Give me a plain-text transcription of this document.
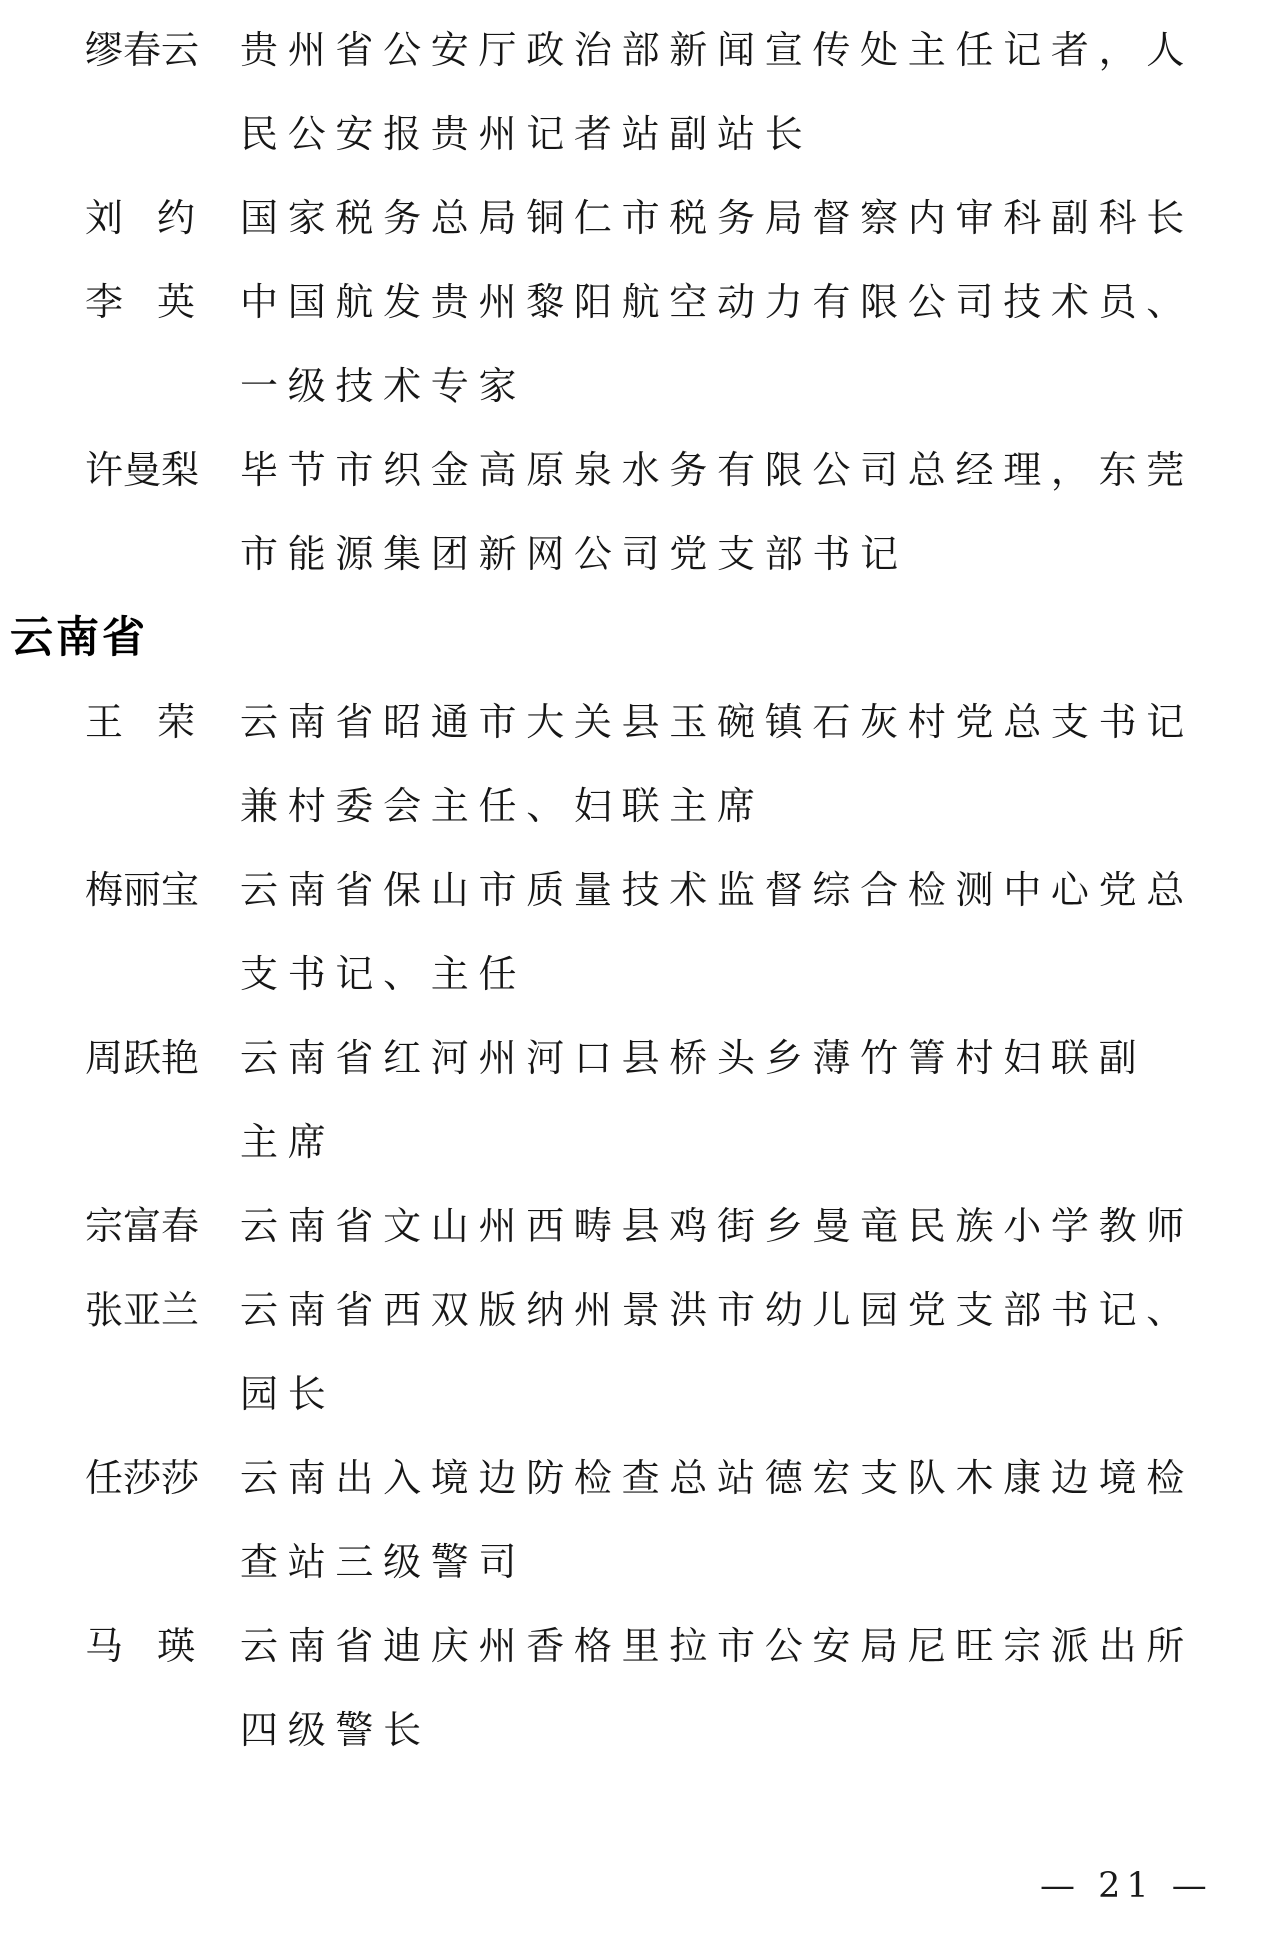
缪 春 云 贵州省公安厅政治部新闻宣传处主任记者，人
民公安报贵州记者站副站长
刘 约 国家税务总局铜仁市税务局督察内审科副科长
李 英 中国航发贵州黎阳航空动力有限公司技术员、
一级技术专家
许 曼 梨 毕节市织金高原泉水务有限公司总经理，东莞
市能源集团新网公司党支部书记
云南省
王 荣 云南省昭通市大关县玉碗镇石灰村党总支书记
兼村委会主任、妇联主席
梅 丽 宝 云南省保山市质量技术监督综合检测中心党总
支书记、主任
周 跃 艳 云南省红河州河口县桥头乡薄竹箐村妇联副
主席
宗 富 春 云南省文山州西畴县鸡街乡曼竜民族小学教师
张 亚 兰 云南省西双版纳州景洪市幼儿园党支部书记、
园长
任 莎 莎 云南出入境边防检查总站德宏支队木康边境检
查站三级警司
马 瑛 云南省迪庆州香格里拉市公安局尼旺宗派出所
四级警长
— 21 —
